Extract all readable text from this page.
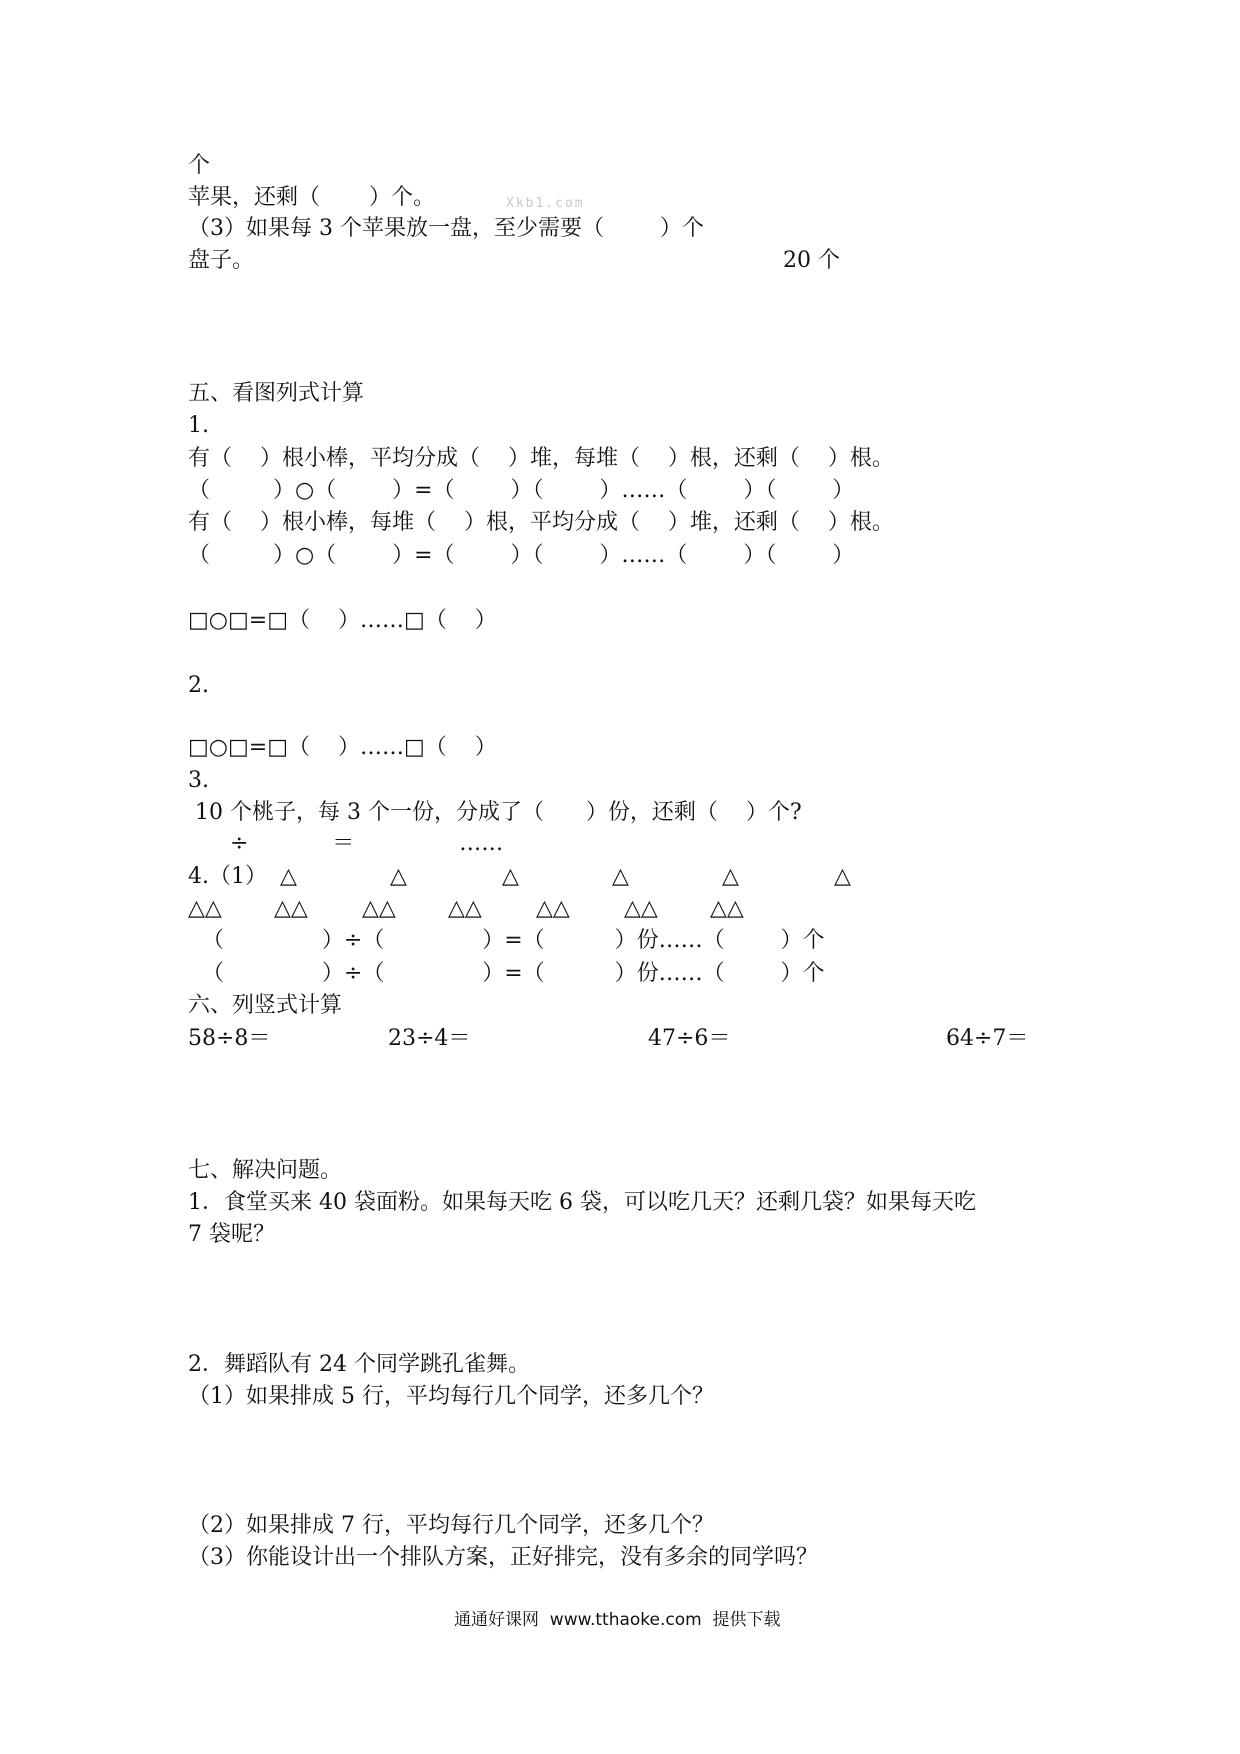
个
苹果，还剩（       ）个。	Xkb1.com
（3）如果每 3 个苹果放一盘，至少需要（        ）个
盘子。	20 个
五、看图列式计算
1.
有（    ）根小棒，平均分成（    ）堆，每堆（    ）根，还剩（    ）根。
（         ）○（        ）=（        ）（        ）……（        ）（        ）
有（    ）根小棒，每堆（    ）根，平均分成（    ）堆，还剩（    ）根。
（         ）○（        ）=（        ）（        ）……（        ）（        ）
□○□=□（    ）……□（    ）
2.
□○□=□（    ）……□（    ）
3.
10 个桃子，每 3 个一份，分成了（      ）份，还剩（    ）个?
÷            ＝               ……
4.（1） △	△	△	△	△	△
△△ △△ △△ △△ △△ △△ △△
（              ）÷（              ）=（          ）份……（        ）个
（              ）÷（              ）=（          ）份……（        ）个
六、列竖式计算
58÷8＝	23÷4＝	47÷6＝	64÷7＝
七、解决问题。
1．食堂买来 40 袋面粉。如果每天吃 6 袋，可以吃几天？还剩几袋？如果每天吃
7 袋呢？
2．舞蹈队有 24 个同学跳孔雀舞。
（1）如果排成 5 行，平均每行几个同学，还多几个？
（2）如果排成 7 行，平均每行几个同学，还多几个？
（3）你能设计出一个排队方案，正好排完，没有多余的同学吗？
通通好课网  www.tthaoke.com  提供下载
